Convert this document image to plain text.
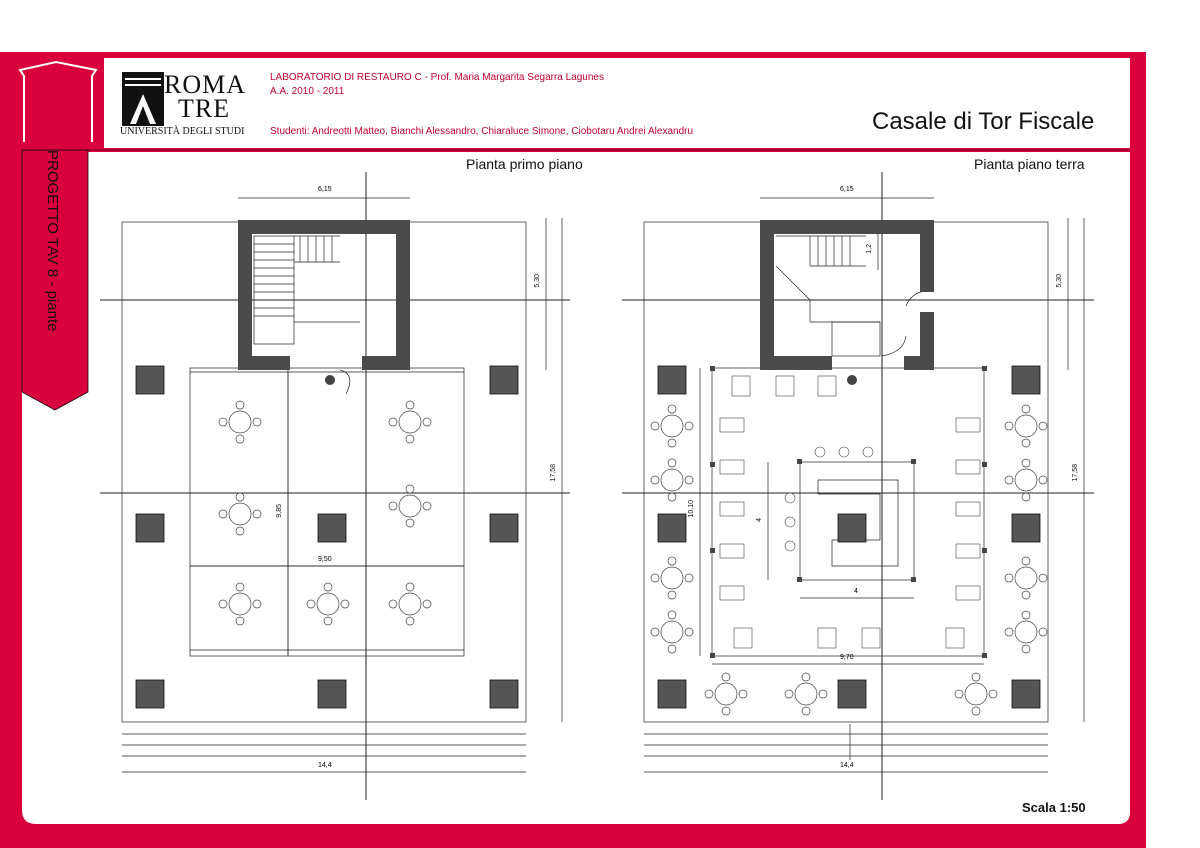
ROMA
TRE
UNIVERSITÀ DEGLI STUDI
LABORATORIO DI RESTAURO C - Prof. Maria Margarita Segarra Lagunes
A.A. 2010 - 2011
Studenti: Andreotti Matteo, Bianchi Alessandro, Chiaraluce Simone, Ciobotaru Andrei Alexandru	Casale di Tor Fiscale
PROGETTO TAV 8 - piante	Pianta primo piano	Pianta piano terra
6,15
14,4
9,50
5,30
17,58
9,85
6,15
14,4
9,70
4
1,2
5,30
17,58
10,10
4
Scala 1:50
